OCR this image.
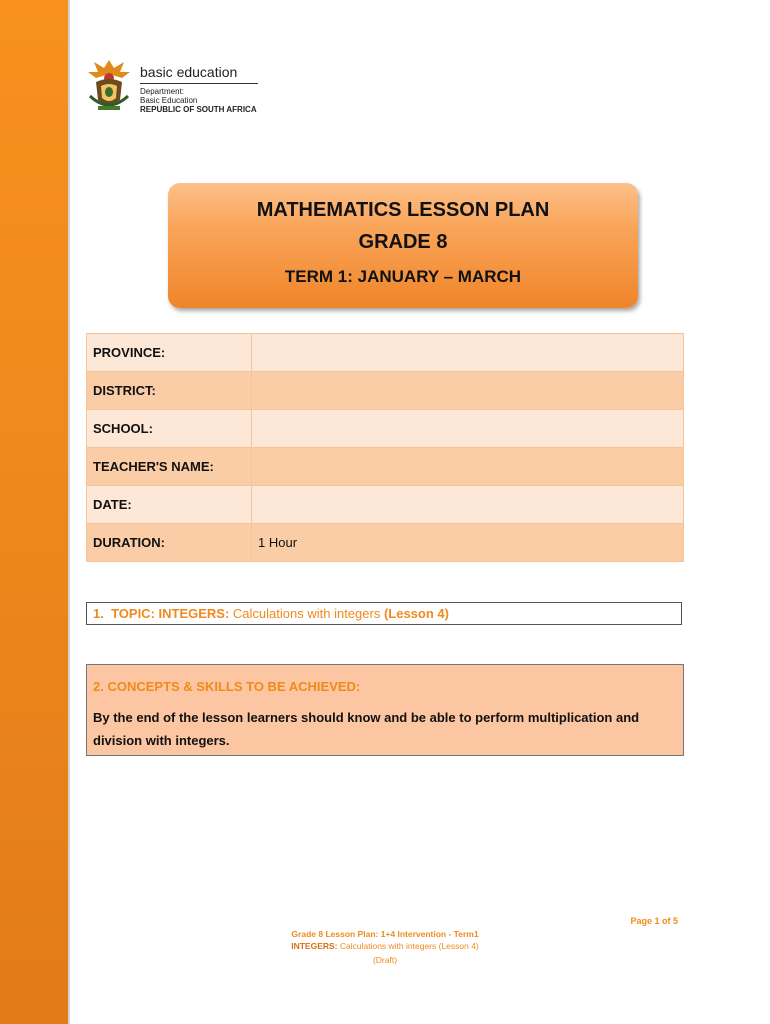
basic education
Department:
Basic Education
REPUBLIC OF SOUTH AFRICA
MATHEMATICS LESSON PLAN
GRADE 8
TERM 1: JANUARY – MARCH
PROVINCE:	
DISTRICT:	
SCHOOL:	
TEACHER'S NAME:	
DATE:	
DURATION:	1 Hour
1. TOPIC: INTEGERS: Calculations with integers (Lesson 4)
2. CONCEPTS & SKILLS TO BE ACHIEVED:
By the end of the lesson learners should know and be able to perform multiplication and division with integers.
Page 1 of 5
Grade 8 Lesson Plan: 1+4 Intervention - Term1
INTEGERS: Calculations with integers (Lesson 4)
(Draft)
